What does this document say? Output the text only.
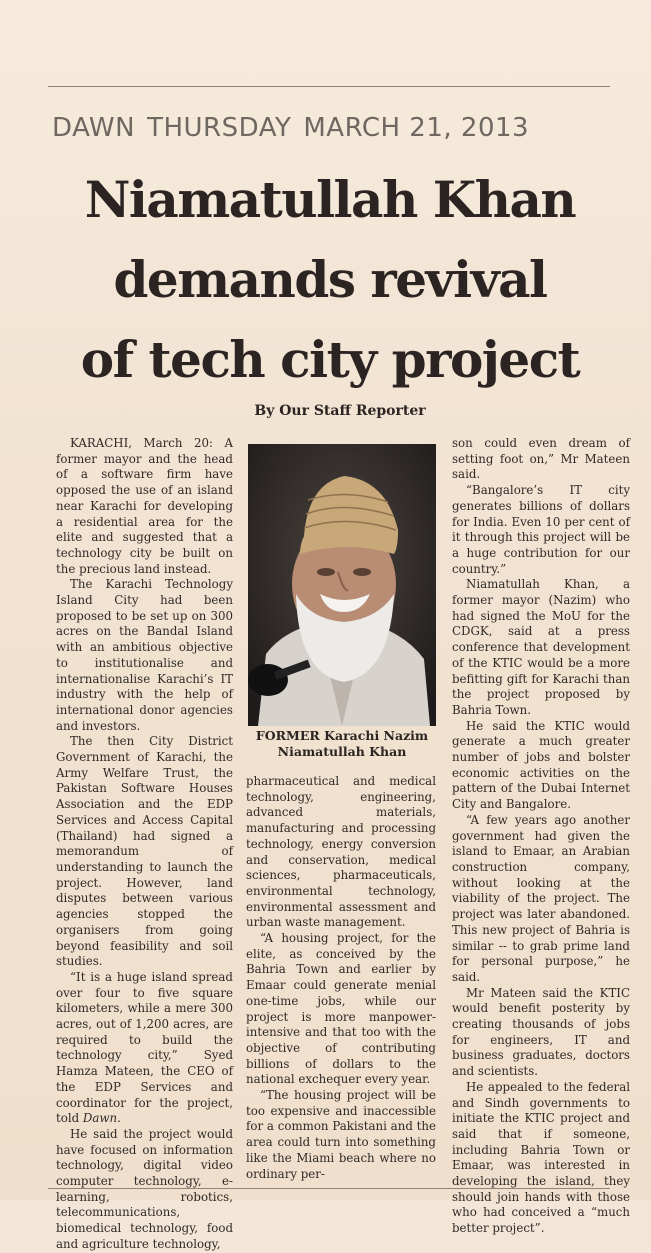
DAWN THURSDAY MARCH 21, 2013
Niamatullah Khan
demands revival
of tech city project
By Our Staff Reporter

KARACHI, March 20: A former mayor and the head of a software firm have opposed the use of an island near Karachi for developing a residential area for the elite and suggested that a technology city be built on the precious land instead.

The Karachi Technology Island City had been proposed to be set up on 300 acres on the Bandal Island with an ambitious objective to institutionalise and internationalise Karachi’s IT industry with the help of international donor agencies and investors.

The then City District Government of Karachi, the Army Welfare Trust, the Pakistan Software Houses Association and the EDP Services and Access Capital (Thailand) had signed a memorandum of understanding to launch the project. However, land disputes between various agencies stopped the organisers from going beyond feasibility and soil studies.

“It is a huge island spread over four to five square kilometers, while a mere 300 acres, out of 1,200 acres, are required to build the technology city,” Syed Hamza Mateen, the CEO of the EDP Services and coordinator for the project, told Dawn.

He said the project would have focused on information technology, digital video computer technology, e-learning, robotics, telecommunications, biomedical technology, food and agriculture technology,

FORMER Karachi Nazim
Niamatullah Khan

pharmaceutical and medical technology, engineering, advanced materials, manufacturing and processing technology, energy conversion and conservation, medical sciences, pharmaceuticals, environmental technology, environmental assessment and urban waste management.

“A housing project, for the elite, as conceived by the Bahria Town and earlier by Emaar could generate menial one-time jobs, while our project is more manpower-intensive and that too with the objective of contributing billions of dollars to the national exchequer every year.

“The housing project will be too expensive and inaccessible for a common Pakistani and the area could turn into something like the Miami beach where no ordinary per-

son could even dream of setting foot on,” Mr Mateen said.

“Bangalore’s IT city generates billions of dollars for India. Even 10 per cent of it through this project will be a huge contribution for our country.”

Niamatullah Khan, a former mayor (Nazim) who had signed the MoU for the CDGK, said at a press conference that development of the KTIC would be a more befitting gift for Karachi than the project proposed by Bahria Town.

He said the KTIC would generate a much greater number of jobs and bolster economic activities on the pattern of the Dubai Internet City and Bangalore.

“A few years ago another government had given the island to Emaar, an Arabian construction company, without looking at the viability of the project. The project was later abandoned. This new project of Bahria is similar -- to grab prime land for personal purpose,” he said.

Mr Mateen said the KTIC would benefit posterity by creating thousands of jobs for engineers, IT and business graduates, doctors and scientists.

He appealed to the federal and Sindh governments to initiate the KTIC project and said that if someone, including Bahria Town or Emaar, was interested in developing the island, they should join hands with those who had conceived a “much better project”.
